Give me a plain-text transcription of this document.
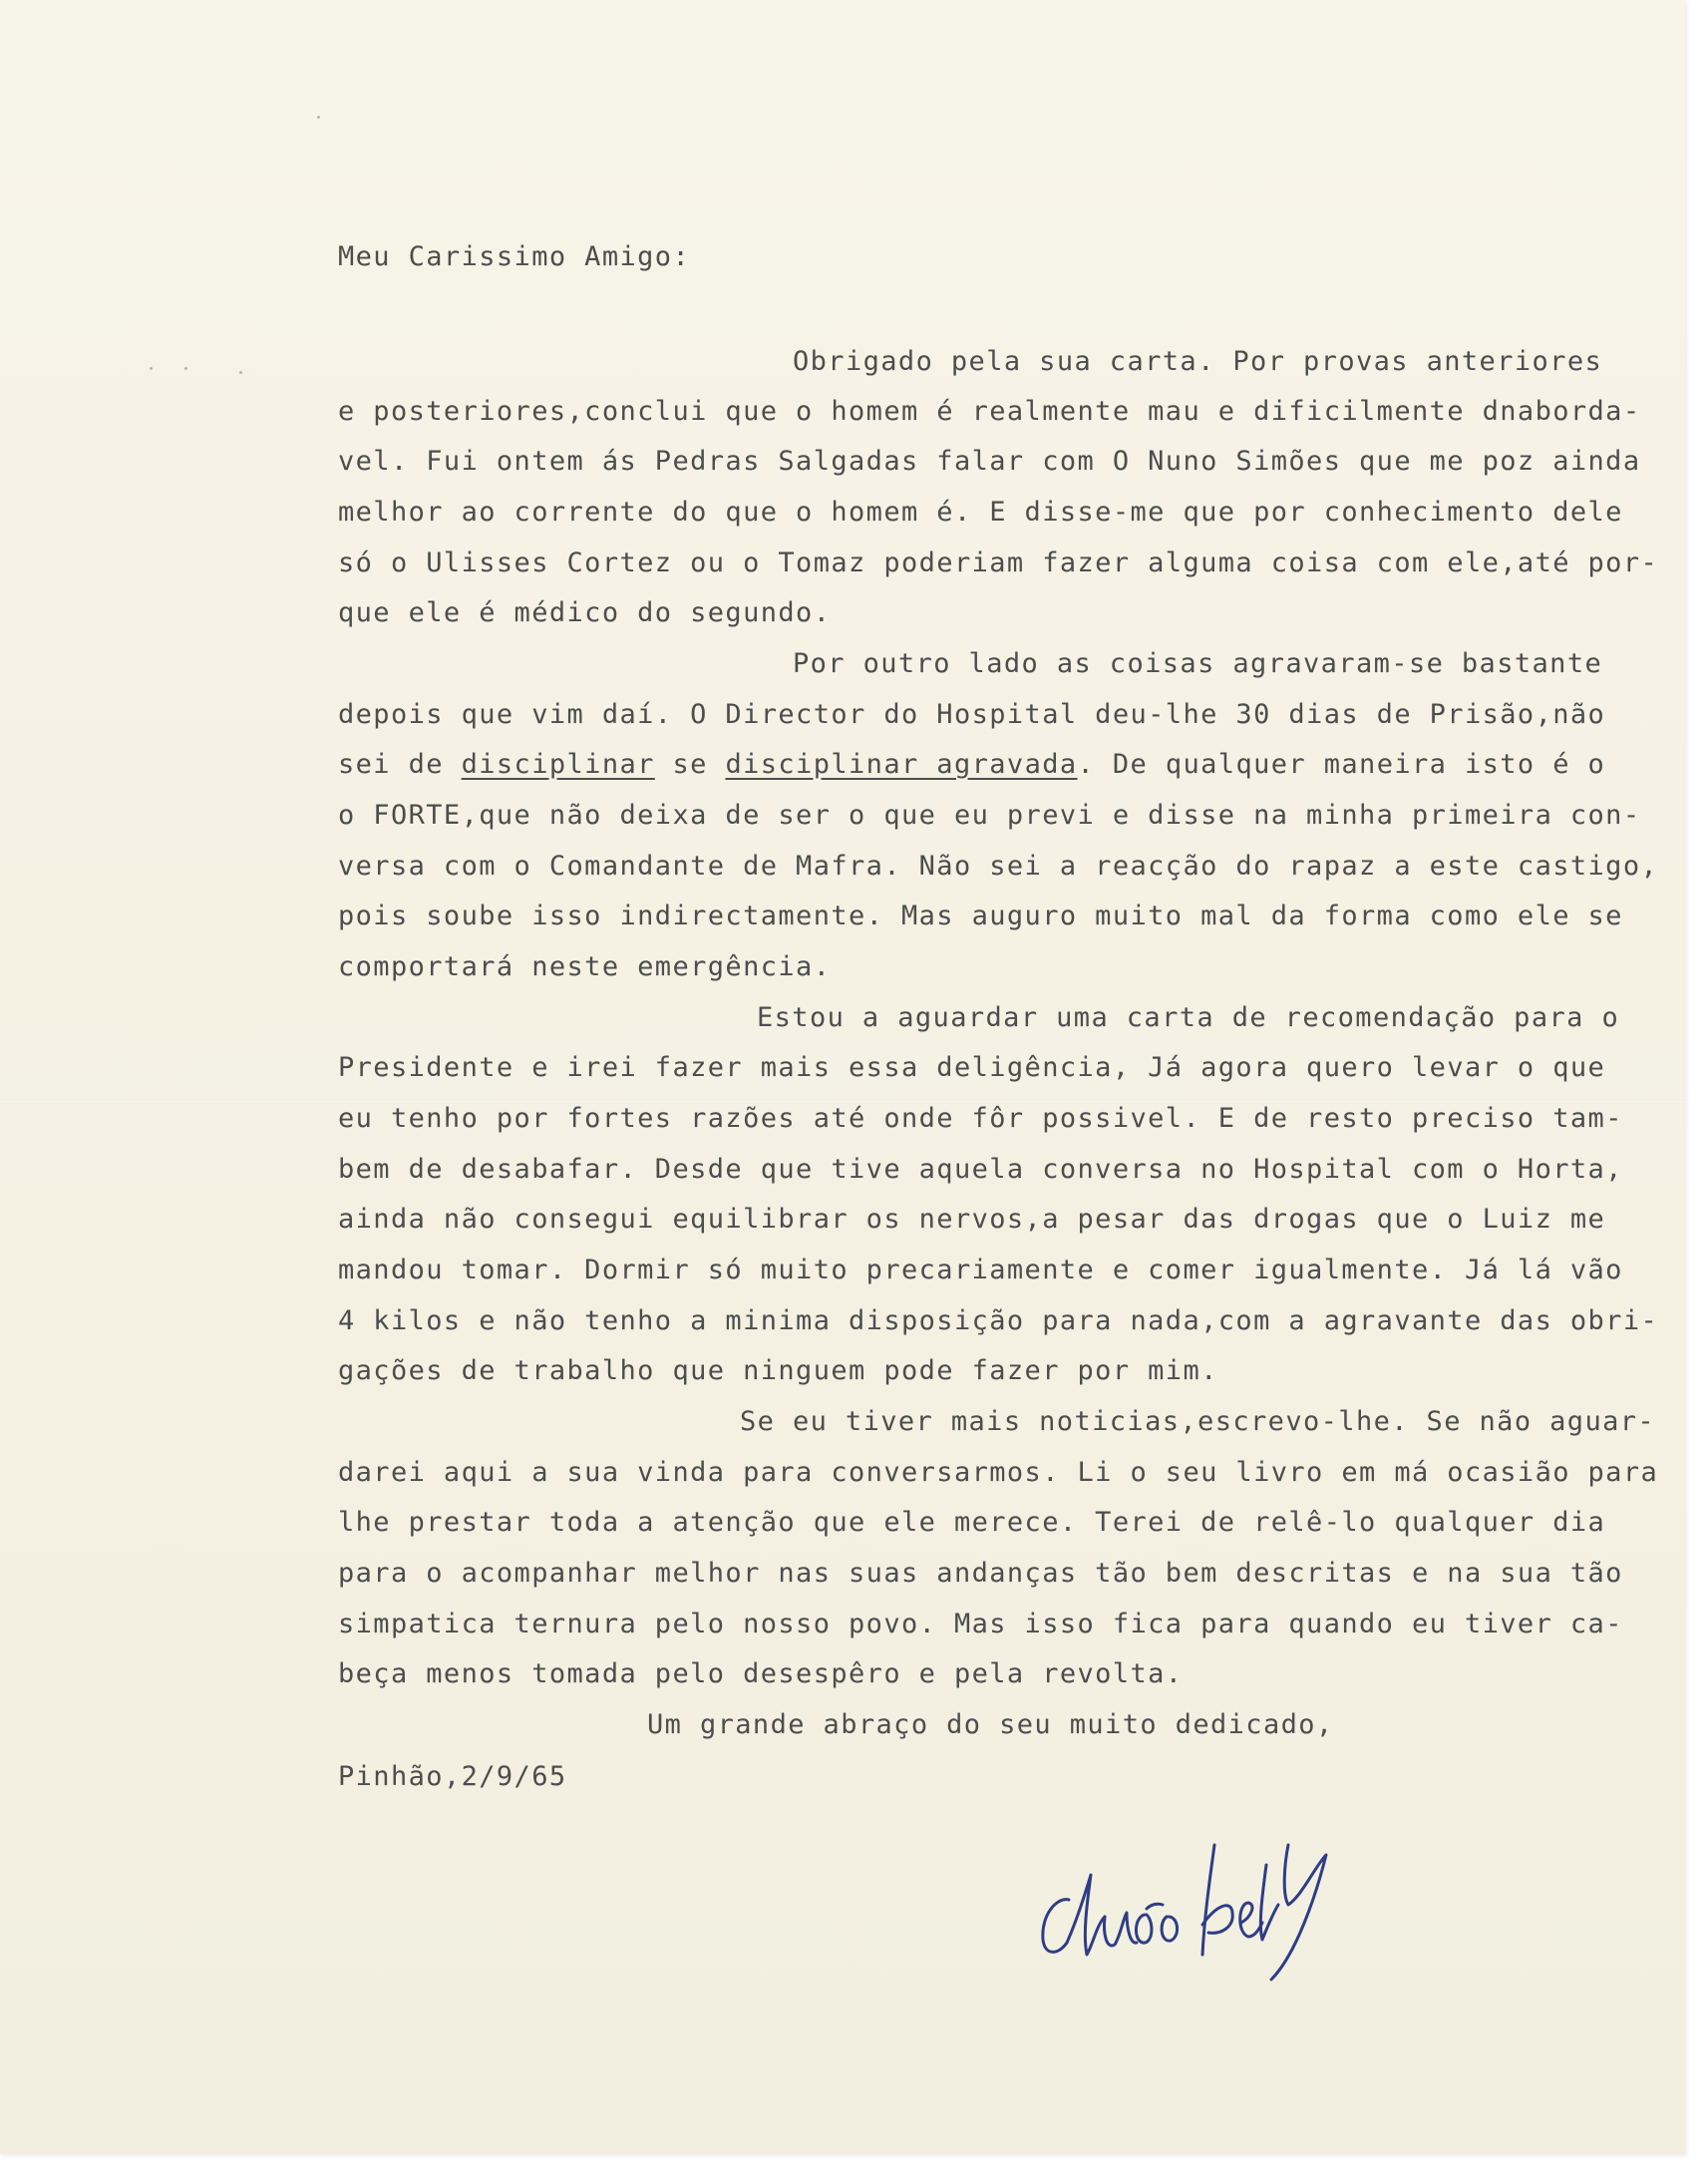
Meu Carissimo Amigo:

Obrigado pela sua carta. Por provas anteriores

e posteriores,conclui que o homem é realmente mau e dificilmente dnaborda-

vel. Fui ontem ás Pedras Salgadas falar com O Nuno Simões que me poz ainda

melhor ao corrente do que o homem é. E disse-me que por conhecimento dele

só o Ulisses Cortez ou o Tomaz poderiam fazer alguma coisa com ele,até por-

que ele é médico do segundo.

Por outro lado as coisas agravaram-se bastante

depois que vim daí. O Director do Hospital deu-lhe 30 dias de Prisão,não

sei de disciplinar se disciplinar agravada. De qualquer maneira isto é o

o FORTE,que não deixa de ser o que eu previ e disse na minha primeira con-

versa com o Comandante de Mafra. Não sei a reacção do rapaz a este castigo,

pois soube isso indirectamente. Mas auguro muito mal da forma como ele se

comportará neste emergência.

Estou a aguardar uma carta de recomendação para o

Presidente e irei fazer mais essa deligência, Já agora quero levar o que

eu tenho por fortes razões até onde fôr possivel. E de resto preciso tam-

bem de desabafar. Desde que tive aquela conversa no Hospital com o Horta,

ainda não consegui equilibrar os nervos,a pesar das drogas que o Luiz me

mandou tomar. Dormir só muito precariamente e comer igualmente. Já lá vão

4 kilos e não tenho a minima disposição para nada,com a agravante das obri-

gações de trabalho que ninguem pode fazer por mim.

Se eu tiver mais noticias,escrevo-lhe. Se não aguar-

darei aqui a sua vinda para conversarmos. Li o seu livro em má ocasião para

lhe prestar toda a atenção que ele merece. Terei de relê-lo qualquer dia

para o acompanhar melhor nas suas andanças tão bem descritas e na sua tão

simpatica ternura pelo nosso povo. Mas isso fica para quando eu tiver ca-

beça menos tomada pelo desespêro e pela revolta.

Um grande abraço do seu muito dedicado,

Pinhão,2/9/65
